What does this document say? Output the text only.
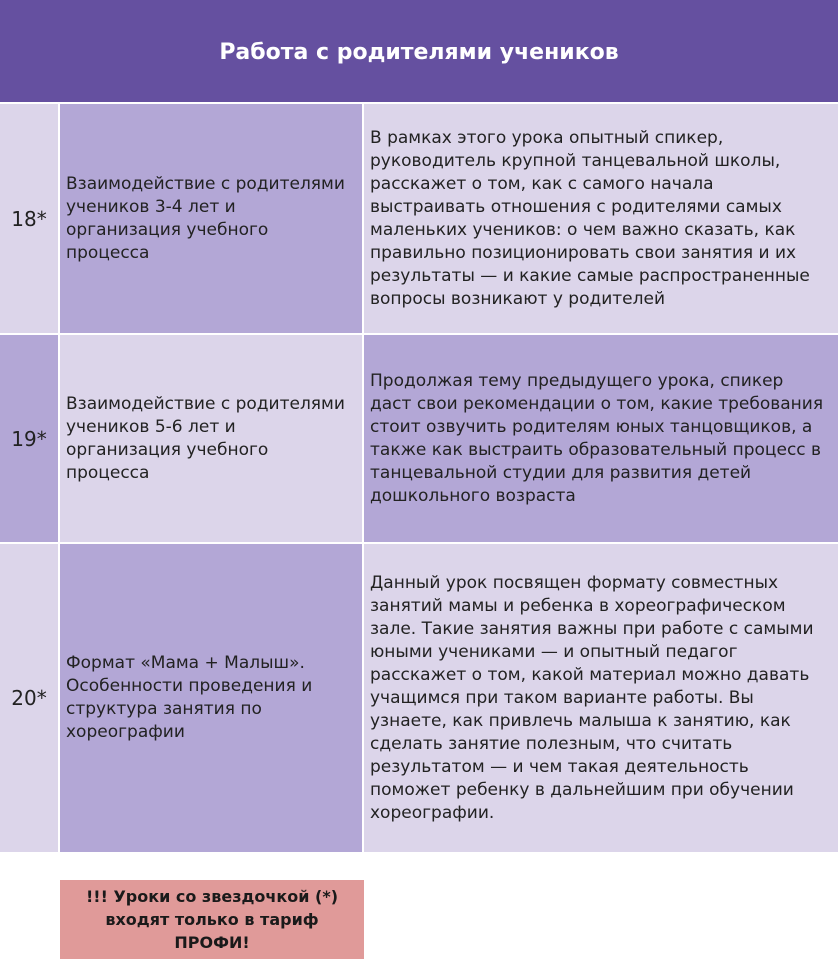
Работа с родителями учеников
18*
Взаимодействие с родителями учеников 3-4 лет и организация учебного процесса
В рамках этого урока опытный спикер, руководитель крупной танцевальной школы, расскажет о том, как с самого начала выстраивать отношения с родителями самых маленьких учеников: о чем важно сказать, как правильно позиционировать свои занятия и их результаты — и какие самые распространенные вопросы возникают у родителей
19*
Взаимодействие с родителями учеников 5-6 лет и организация учебного процесса
Продолжая тему предыдущего урока, спикер даст свои рекомендации о том, какие требования стоит озвучить родителям юных танцовщиков, а также как выстраить образовательный процесс в танцевальной студии для развития детей дошкольного возраста
20*
Формат «Мама + Малыш». Особенности проведения и структура занятия по хореографии
Данный урок посвящен формату совместных занятий мамы и ребенка в хореографическом зале. Такие занятия важны при работе с самыми юными учениками — и опытный педагог расскажет о том, какой материал можно давать учащимся при таком варианте работы. Вы узнаете, как привлечь малыша к занятию, как сделать занятие полезным, что считать результатом — и чем такая деятельность поможет ребенку в дальнейшим при обучении хореографии.
!!! Уроки со звездочкой (*) входят только в тариф ПРОФИ!
